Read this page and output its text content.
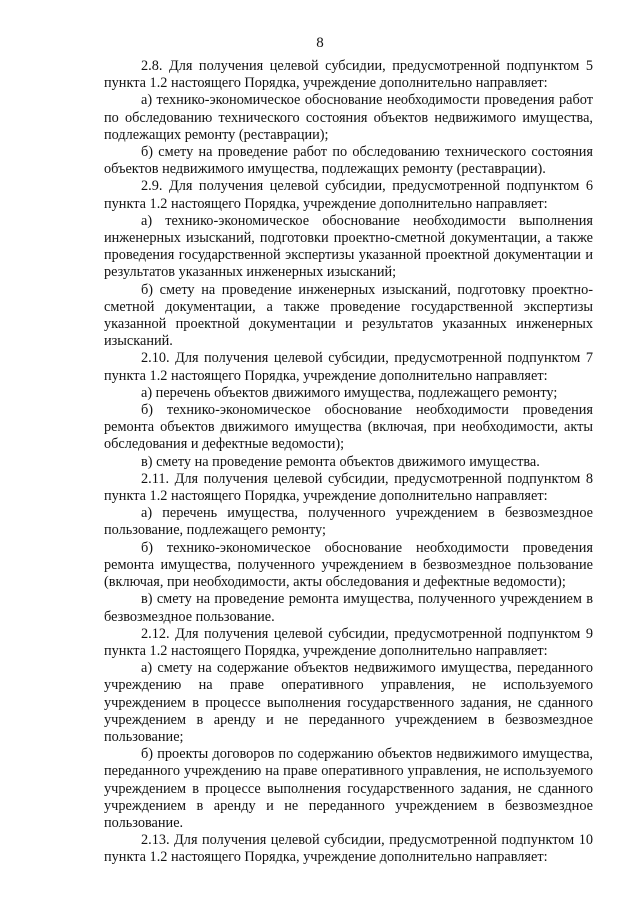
8

2.8. Для получения целевой субсидии, предусмотренной подпунктом 5 пункта 1.2 настоящего Порядка, учреждение дополнительно направляет:

а) технико-экономическое обоснование необходимости проведения работ по обследованию технического состояния объектов недвижимого имущества, подлежащих ремонту (реставрации);

б) смету на проведение работ по обследованию технического состояния объектов недвижимого имущества, подлежащих ремонту (реставрации).

2.9. Для получения целевой субсидии, предусмотренной подпунктом 6 пункта 1.2 настоящего Порядка, учреждение дополнительно направляет:

а) технико-экономическое обоснование необходимости выполнения инженерных изысканий, подготовки проектно-сметной документации, а также проведения государственной экспертизы указанной проектной документации и результатов указанных инженерных изысканий;

б) смету на проведение инженерных изысканий, подготовку проектно-сметной документации, а также проведение государственной экспертизы указанной проектной документации и результатов указанных инженерных изысканий.

2.10. Для получения целевой субсидии, предусмотренной подпунктом 7 пункта 1.2 настоящего Порядка, учреждение дополнительно направляет:

а) перечень объектов движимого имущества, подлежащего ремонту;

б) технико-экономическое обоснование необходимости проведения ремонта объектов движимого имущества (включая, при необходимости, акты обследования и дефектные ведомости);

в) смету на проведение ремонта объектов движимого имущества.

2.11. Для получения целевой субсидии, предусмотренной подпунктом 8 пункта 1.2 настоящего Порядка, учреждение дополнительно направляет:

а) перечень имущества, полученного учреждением в безвозмездное пользование, подлежащего ремонту;

б) технико-экономическое обоснование необходимости проведения ремонта имущества, полученного учреждением в безвозмездное пользование (включая, при необходимости, акты обследования и дефектные ведомости);

в) смету на проведение ремонта имущества, полученного учреждением в безвозмездное пользование.

2.12. Для получения целевой субсидии, предусмотренной подпунктом 9 пункта 1.2 настоящего Порядка, учреждение дополнительно направляет:

а) смету на содержание объектов недвижимого имущества, переданного учреждению на праве оперативного управления, не используемого учреждением в процессе выполнения государственного задания, не сданного учреждением в аренду и не переданного учреждением в безвозмездное пользование;

б) проекты договоров по содержанию объектов недвижимого имущества, переданного учреждению на праве оперативного управления, не используемого учреждением в процессе выполнения государственного задания, не сданного учреждением в аренду и не переданного учреждением в безвозмездное пользование.

2.13. Для получения целевой субсидии, предусмотренной подпунктом 10 пункта 1.2 настоящего Порядка, учреждение дополнительно направляет:
